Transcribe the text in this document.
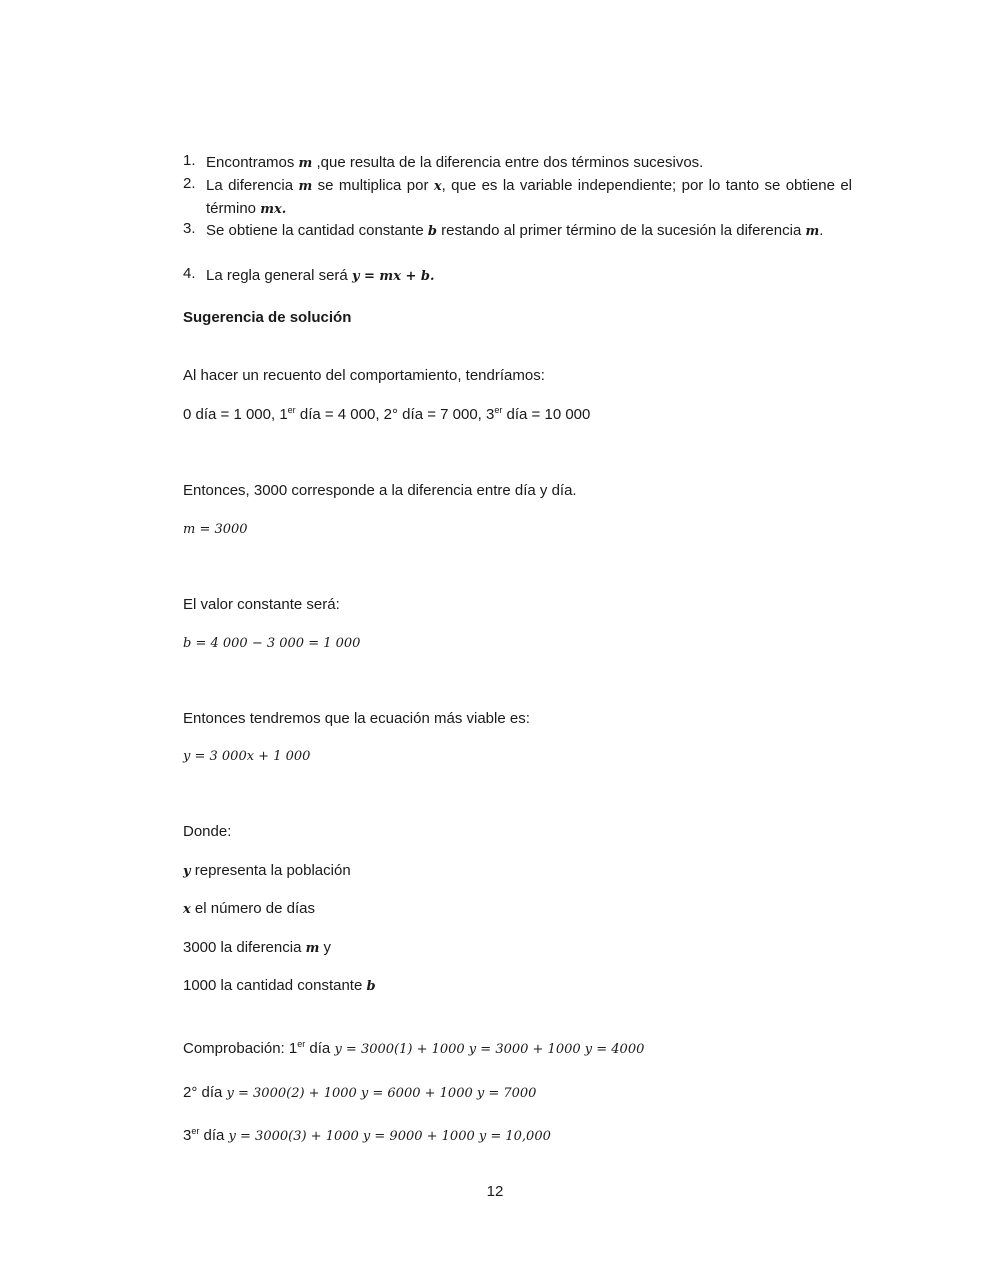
1. Encontramos m ,que resulta de la diferencia entre dos términos sucesivos.
2. La diferencia m se multiplica por x, que es la variable independiente; por lo tanto se obtiene el término mx.
3. Se obtiene la cantidad constante b restando al primer término de la sucesión la diferencia m.
4. La regla general será y = mx + b.
Sugerencia de solución
Al hacer un recuento del comportamiento, tendríamos:
0 día = 1 000, 1er día = 4 000, 2° día = 7 000, 3er día = 10 000
Entonces, 3000 corresponde a la diferencia entre día y día.
m = 3000
El valor constante será:
b = 4 000 − 3 000 = 1 000
Entonces tendremos que la ecuación más viable es:
y = 3 000x + 1 000
Donde:
y representa la población
x el número de días
3000 la diferencia m y
1000 la cantidad constante b
Comprobación: 1er día y = 3000(1) + 1000 y = 3000 + 1000 y = 4000
2° día y = 3000(2) + 1000 y = 6000 + 1000 y = 7000
3er día y = 3000(3) + 1000 y = 9000 + 1000 y = 10,000
12
